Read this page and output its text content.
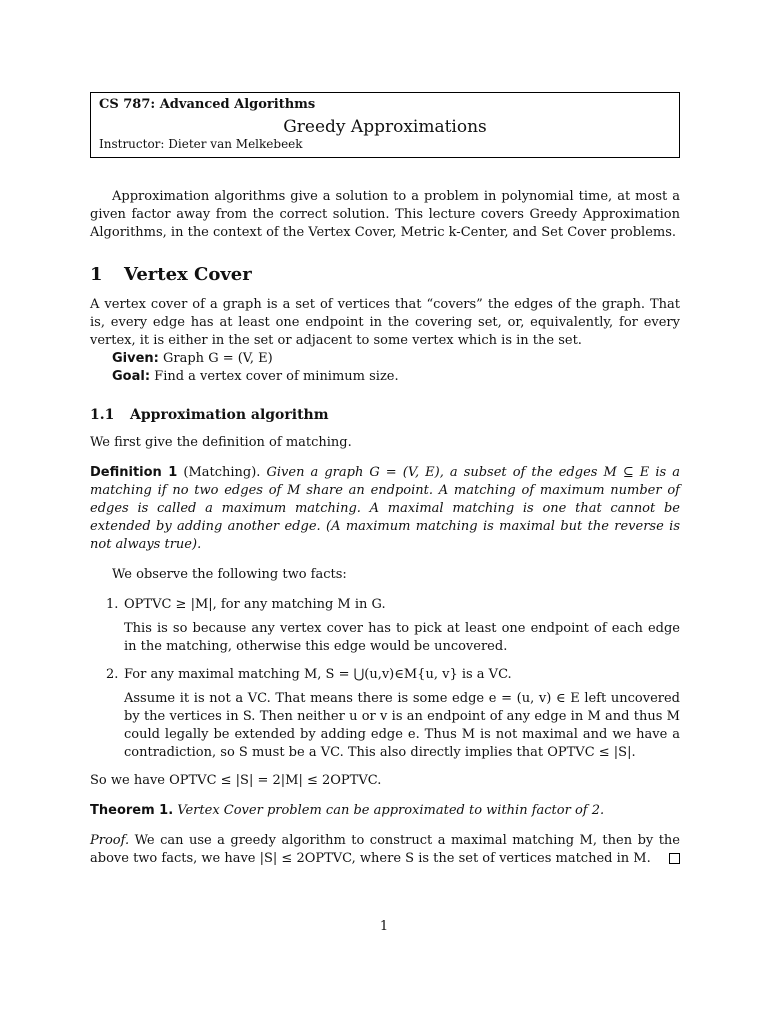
CS 787: Advanced Algorithms
Greedy Approximations
Instructor: Dieter van Melkebeek

Approximation algorithms give a solution to a problem in polynomial time, at most a given factor away from the correct solution. This lecture covers Greedy Approximation Algorithms, in the context of the Vertex Cover, Metric k-Center, and Set Cover problems.

1 Vertex Cover

A vertex cover of a graph is a set of vertices that “covers” the edges of the graph. That is, every edge has at least one endpoint in the covering set, or, equivalently, for every vertex, it is either in the set or adjacent to some vertex which is in the set.

Given: Graph G = (V, E)
Goal: Find a vertex cover of minimum size.
1.1 Approximation algorithm

We first give the definition of matching.

Definition 1 (Matching). Given a graph G = (V, E), a subset of the edges M ⊆ E is a matching if no two edges of M share an endpoint. A matching of maximum number of edges is called a maximum matching. A maximal matching is one that cannot be extended by adding another edge. (A maximum matching is maximal but the reverse is not always true).

We observe the following two facts:

1. OPTVC ≥ |M|, for any matching M in G.
This is so because any vertex cover has to pick at least one endpoint of each edge in the matching, otherwise this edge would be uncovered.
2. For any maximal matching M, S = ⋃(u,v)∈M{u, v} is a VC.
Assume it is not a VC. That means there is some edge e = (u, v) ∈ E left uncovered by the vertices in S. Then neither u or v is an endpoint of any edge in M and thus M could legally be extended by adding edge e. Thus M is not maximal and we have a contradiction, so S must be a VC. This also directly implies that OPTVC ≤ |S|.

So we have OPTVC ≤ |S| = 2|M| ≤ 2OPTVC.

Theorem 1. Vertex Cover problem can be approximated to within factor of 2.

Proof. We can use a greedy algorithm to construct a maximal matching M, then by the above two facts, we have |S| ≤ 2OPTVC, where S is the set of vertices matched in M.

1
